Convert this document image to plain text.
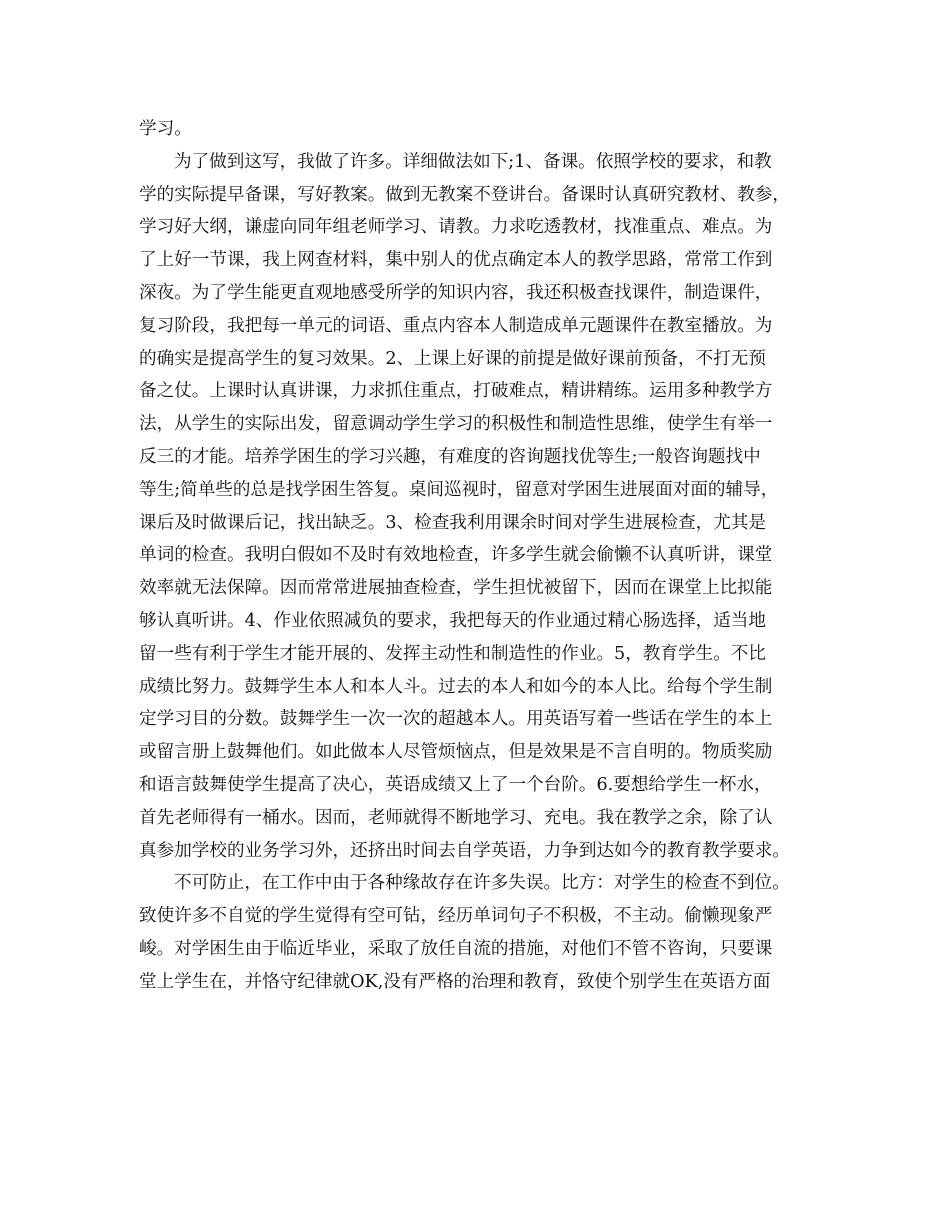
学习。
为了做到这写，我做了许多。详细做法如下;1、备课。依照学校的要求，和教
学的实际提早备课，写好教案。做到无教案不登讲台。备课时认真研究教材、教参，
学习好大纲，谦虚向同年组老师学习、请教。力求吃透教材，找准重点、难点。为
了上好一节课，我上网查材料，集中别人的优点确定本人的教学思路，常常工作到
深夜。为了学生能更直观地感受所学的知识内容，我还积极查找课件，制造课件，
复习阶段，我把每一单元的词语、重点内容本人制造成单元题课件在教室播放。为
的确实是提高学生的复习效果。2、上课上好课的前提是做好课前预备，不打无预
备之仗。上课时认真讲课，力求抓住重点，打破难点，精讲精练。运用多种教学方
法，从学生的实际出发，留意调动学生学习的积极性和制造性思维，使学生有举一
反三的才能。培养学困生的学习兴趣，有难度的咨询题找优等生;一般咨询题找中
等生;简单些的总是找学困生答复。桌间巡视时，留意对学困生进展面对面的辅导，
课后及时做课后记，找出缺乏。3、检查我利用课余时间对学生进展检查，尤其是
单词的检查。我明白假如不及时有效地检查，许多学生就会偷懒不认真听讲，课堂
效率就无法保障。因而常常进展抽查检查，学生担忧被留下，因而在课堂上比拟能
够认真听讲。4、作业依照减负的要求，我把每天的作业通过精心肠选择，适当地
留一些有利于学生才能开展的、发挥主动性和制造性的作业。5，教育学生。不比
成绩比努力。鼓舞学生本人和本人斗。过去的本人和如今的本人比。给每个学生制
定学习目的分数。鼓舞学生一次一次的超越本人。用英语写着一些话在学生的本上
或留言册上鼓舞他们。如此做本人尽管烦恼点，但是效果是不言自明的。物质奖励
和语言鼓舞使学生提高了决心，英语成绩又上了一个台阶。6.要想给学生一杯水，
首先老师得有一桶水。因而，老师就得不断地学习、充电。我在教学之余，除了认
真参加学校的业务学习外，还挤出时间去自学英语，力争到达如今的教育教学要求。
不可防止，在工作中由于各种缘故存在许多失误。比方：对学生的检查不到位。
致使许多不自觉的学生觉得有空可钻，经历单词句子不积极，不主动。偷懒现象严
峻。对学困生由于临近毕业，采取了放任自流的措施，对他们不管不咨询，只要课
堂上学生在，并恪守纪律就OK,没有严格的治理和教育，致使个别学生在英语方面
